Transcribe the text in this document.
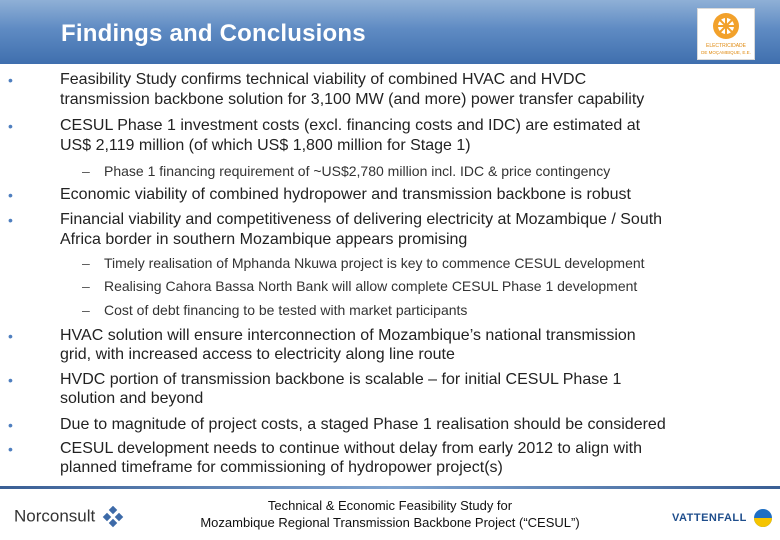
Findings and Conclusions	ELECTRICIDADE
DE MOÇAMBIQUE, E.E.
•	Feasibility Study confirms technical viability of combined HVAC and HVDC
transmission backbone solution for 3,100 MW (and more) power transfer capability
•	CESUL Phase 1 investment costs (excl. financing costs and IDC) are estimated at
US$ 2,119 million (of which US$ 1,800 million for Stage 1)
– Phase 1 financing requirement of ~US$2,780 million incl. IDC & price contingency
•	Economic viability of combined hydropower and transmission backbone is robust
•	Financial viability and competitiveness of delivering electricity at Mozambique / South
Africa border in southern Mozambique appears promising
– Timely realisation of Mphanda Nkuwa project is key to commence CESUL development
– Realising Cahora Bassa North Bank will allow complete CESUL Phase 1 development
– Cost of debt financing to be tested with market participants
•	HVAC solution will ensure interconnection of Mozambique’s national transmission
grid, with increased access to electricity along line route
•	HVDC portion of transmission backbone is scalable – for initial CESUL Phase 1
solution and beyond
•	Due to magnitude of project costs, a staged Phase 1 realisation should be considered
•	CESUL development needs to continue without delay from early 2012 to align with
planned timeframe for commissioning of hydropower project(s)
Norconsult
Technical & Economic Feasibility Study for
Mozambique Regional Transmission Backbone Project (“CESUL”)	VATTENFALL
